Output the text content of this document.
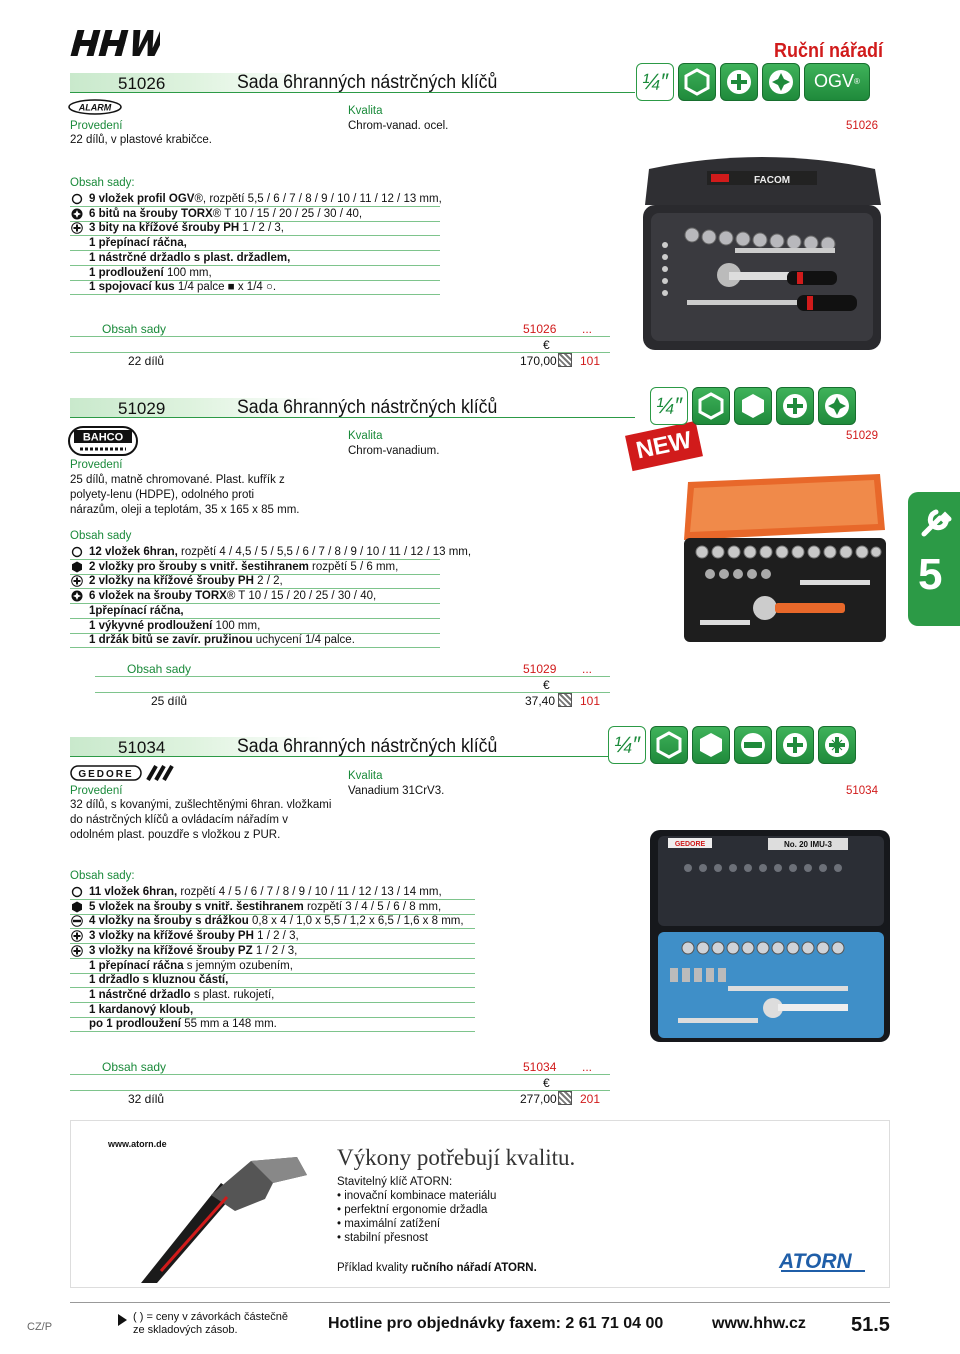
Ruční nářadí
51026	Sada 6hranných nástrčných klíčů
ALARM	Kvalita
Chrom-vanad. ocel.
Provedení
22 dílů, v plastové krabičce.
51026
¼″	OGV ®
Obsah sady:
9 vložek profil OGV®, rozpětí 5,5 / 6 / 7 / 8 / 9 / 10 / 11 / 12 / 13 mm,
6 bitů na šrouby TORX® T 10 / 15 / 20 / 25 / 30 / 40,
3 bity na křížové šrouby PH 1 / 2 / 3,
1 přepínací ráčna,
1 nástrčné držadlo s plast. držadlem,
1 prodloužení 100 mm,
1 spojovací kus 1/4 palce ■ x 1/4 ○.
Obsah sady	51026 ...
€
22 dílů	170,00 101
FACOM
51029	Sada 6hranných nástrčných klíčů
BAHCO	NEW
Kvalita
Chrom-vanadium.
51029
Provedení
25 dílů, matně chromované. Plast. kufřík z polyety-lenu (HDPE), odolného proti nárazům, oleji a teplotám, 35 x 165 x 85 mm.
¼″
Obsah sady
12 vložek 6hran, rozpětí 4 / 4,5 / 5 / 5,5 / 6 / 7 / 8 / 9 / 10 / 11 / 12 / 13 mm,
2 vložky pro šrouby s vnitř. šestihranem rozpětí 5 / 6 mm,
2 vložky na křížové šrouby PH 2 / 2,
6 vložek na šrouby TORX® T 10 / 15 / 20 / 25 / 30 / 40,
1přepínací ráčna,
1 výkyvné prodloužení 100 mm,
1 držák bitů se zavír. pružinou uchycení 1/4 palce.
Obsah sady	51029 ...
€
25 dílů	37,40 101
5
51034	Sada 6hranných nástrčných klíčů
GEDORE	Kvalita
Vanadium 31CrV3.	51034
Provedení
32 dílů, s kovanými, zušlechtěnými 6hran. vložkami do nástrčných klíčů a ovládacím nářadím v odolném plast. pouzdře s vložkou z PUR.
¼″
Obsah sady:
11 vložek 6hran, rozpětí 4 / 5 / 6 / 7 / 8 / 9 / 10 / 11 / 12 / 13 / 14 mm,
5 vložek na šrouby s vnitř. šestihranem rozpětí 3 / 4 / 5 / 6 / 8 mm,
4 vložky na šrouby s drážkou 0,8 x 4 / 1,0 x 5,5 / 1,2 x 6,5 / 1,6 x 8 mm,
3 vložky na křížové šrouby PH 1 / 2 / 3,
3 vložky na křížové šrouby PZ 1 / 2 / 3,
1 přepínací ráčna s jemným ozubením,
1 držadlo s kluznou částí,
1 nástrčné držadlo s plast. rukojetí,
1 kardanový kloub,
po 1 prodloužení 55 mm a 148 mm.
Obsah sady	51034 ...
€
32 dílů	277,00 201
GEDORE	No. 20 IMU-3
www.atorn.de
Výkony potřebují kvalitu.
Stavitelný klíč ATORN:
• inovační kombinace materiálu
• perfektní ergonomie držadla
• maximální zatížení
• stabilní přesnost
Příklad kvality ručního nářadí ATORN.	ATORN
CZ/P
( ) = ceny v závorkách částečně ze skladových zásob.	Hotline pro objednávky faxem: 2 61 71 04 00	www.hhw.cz 51.5
